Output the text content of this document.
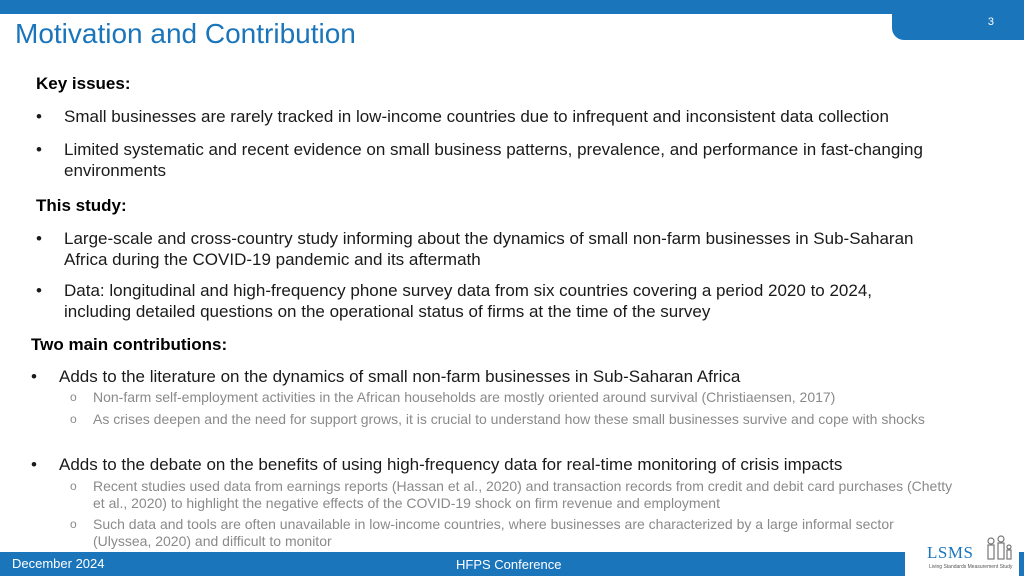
3
Motivation and Contribution

Key issues:

• Small businesses are rarely tracked in low-income countries due to infrequent and inconsistent data collection
• Limited systematic and recent evidence on small business patterns, prevalence, and performance in fast-changing environments

This study:

• Large-scale and cross-country study informing about the dynamics of small non-farm businesses in Sub-Saharan Africa during the COVID-19 pandemic and its aftermath
• Data: longitudinal and high-frequency phone survey data from six countries covering a period 2020 to 2024, including detailed questions on the operational status of firms at the time of the survey

Two main contributions:

• Adds to the literature on the dynamics of small non-farm businesses in Sub-Saharan Africa
o Non-farm self-employment activities in the African households are mostly oriented around survival (Christiaensen, 2017)
o As crises deepen and the need for support grows, it is crucial to understand how these small businesses survive and cope with shocks
• Adds to the debate on the benefits of using high-frequency data for real-time monitoring of crisis impacts
o Recent studies used data from earnings reports (Hassan et al., 2020) and transaction records from credit and debit card purchases (Chetty et al., 2020) to highlight the negative effects of the COVID-19 shock on firm revenue and employment
o Such data and tools are often unavailable in low-income countries, where businesses are characterized by a large informal sector (Ulyssea, 2020) and difficult to monitor
December 2024	HFPS Conference
LSMS
Living Standards Measurement Study
